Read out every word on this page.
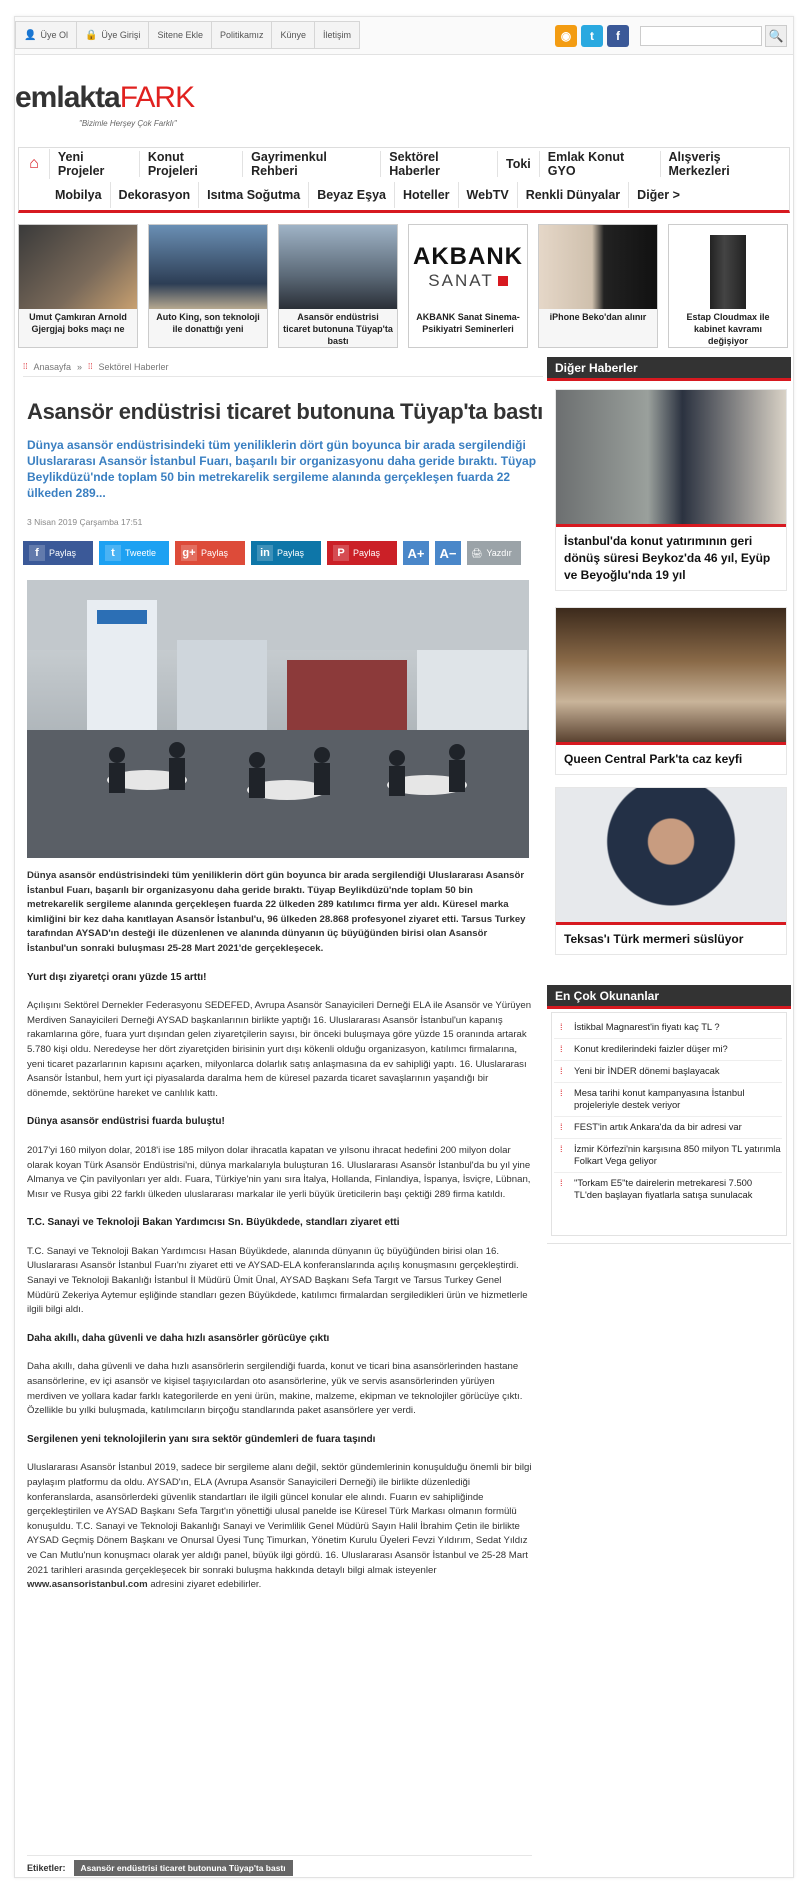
👤 Üye Ol 🔒 Üye Girişi Sitene Ekle Politikamız Künye İletişim	◉	t	f	🔍
emlaktaFARK
"Bizimle Herşey Çok Farklı"
⌂	Yeni Projeler
Konut Projeleri
Gayrimenkul Rehberi
Sektörel Haberler	Toki	Emlak Konut GYO
Alışveriş Merkezleri
Mobilya	Dekorasyon	Isıtma Soğutma	Beyaz Eşya	Hoteller	WebTV	Renkli Dünyalar	Diğer >
Umut Çamkıran Arnold Gjergjaj boks maçı ne
Auto King, son teknoloji ile donattığı yeni
Asansör endüstrisi ticaret butonuna Tüyap'ta bastı
AKBANK
SANAT
AKBANK Sanat Sinema-Psikiyatri Seminerleri
iPhone Beko'dan alınır	Estap Cloudmax ile kabinet kavramı değişiyor
⁞⁞ Anasayfa » ⁞⁞ Sektörel Haberler
Asansör endüstrisi ticaret butonuna Tüyap'ta bastı
Dünya asansör endüstrisindeki tüm yeniliklerin dört gün boyunca bir arada sergilendiği Uluslararası Asansör İstanbul Fuarı, başarılı bir organizasyonu daha geride bıraktı. Tüyap Beylikdüzü'nde toplam 50 bin metrekarelik sergileme alanında gerçekleşen fuarda 22 ülkeden 289...
3 Nisan 2019 Çarşamba 17:51
f	Paylaş	t	Tweetle g+ Paylaş	in Paylaş	P Paylaş	A+	A−	🖨 Yazdır

Dünya asansör endüstrisindeki tüm yeniliklerin dört gün boyunca bir arada sergilendiği Uluslararası Asansör İstanbul Fuarı, başarılı bir organizasyonu daha geride bıraktı. Tüyap Beylikdüzü'nde toplam 50 bin metrekarelik sergileme alanında gerçekleşen fuarda 22 ülkeden 289 katılımcı firma yer aldı. Küresel marka kimliğini bir kez daha kanıtlayan Asansör İstanbul'u, 96 ülkeden 28.868 profesyonel ziyaret etti. Tarsus Turkey tarafından AYSAD'ın desteği ile düzenlenen ve alanında dünyanın üç büyüğünden birisi olan Asansör İstanbul'un sonraki buluşması 25-28 Mart 2021'de gerçekleşecek.

Yurt dışı ziyaretçi oranı yüzde 15 arttı!

Açılışını Sektörel Dernekler Federasyonu SEDEFED, Avrupa Asansör Sanayicileri Derneği ELA ile Asansör ve Yürüyen Merdiven Sanayicileri Derneği AYSAD başkanlarının birlikte yaptığı 16. Uluslararası Asansör İstanbul'un kapanış rakamlarına göre, fuara yurt dışından gelen ziyaretçilerin sayısı, bir önceki buluşmaya göre yüzde 15 oranında artarak 5.780 kişi oldu. Neredeyse her dört ziyaretçiden birisinin yurt dışı kökenli olduğu organizasyon, katılımcı firmalarına, yeni ticaret pazarlarının kapısını açarken, milyonlarca dolarlık satış anlaşmasına da ev sahipliği yaptı. 16. Uluslararası Asansör İstanbul, hem yurt içi piyasalarda daralma hem de küresel pazarda ticaret savaşlarının yaşandığı bir dönemde, sektörüne hareket ve canlılık kattı.

Dünya asansör endüstrisi fuarda buluştu!

2017'yi 160 milyon dolar, 2018'i ise 185 milyon dolar ihracatla kapatan ve yılsonu ihracat hedefini 200 milyon dolar olarak koyan Türk Asansör Endüstrisi'ni, dünya markalarıyla buluşturan 16. Uluslararası Asansör İstanbul'da bu yıl yine Almanya ve Çin pavilyonları yer aldı. Fuara, Türkiye'nin yanı sıra İtalya, Hollanda, Finlandiya, İspanya, İsviçre, Lübnan, Mısır ve Rusya gibi 22 farklı ülkeden uluslararası markalar ile yerli büyük üreticilerin başı çektiği 289 firma katıldı.

T.C. Sanayi ve Teknoloji Bakan Yardımcısı Sn. Büyükdede, standları ziyaret etti

T.C. Sanayi ve Teknoloji Bakan Yardımcısı Hasan Büyükdede, alanında dünyanın üç büyüğünden birisi olan 16. Uluslararası Asansör İstanbul Fuarı'nı ziyaret etti ve AYSAD-ELA konferanslarında açılış konuşmasını gerçekleştirdi. Sanayi ve Teknoloji Bakanlığı İstanbul İl Müdürü Ümit Ünal, AYSAD Başkanı Sefa Targıt ve Tarsus Turkey Genel Müdürü Zekeriya Aytemur eşliğinde standları gezen Büyükdede, katılımcı firmalardan sergiledikleri ürün ve hizmetlerle ilgili bilgi aldı.

Daha akıllı, daha güvenli ve daha hızlı asansörler görücüye çıktı

Daha akıllı, daha güvenli ve daha hızlı asansörlerin sergilendiği fuarda, konut ve ticari bina asansörlerinden hastane asansörlerine, ev içi asansör ve kişisel taşıyıcılardan oto asansörlerine, yük ve servis asansörlerinden yürüyen merdiven ve yollara kadar farklı kategorilerde en yeni ürün, makine, malzeme, ekipman ve teknolojiler görücüye çıktı. Özellikle bu yılki buluşmada, katılımcıların birçoğu standlarında paket asansörlere yer verdi.

Sergilenen yeni teknolojilerin yanı sıra sektör gündemleri de fuara taşındı

Uluslararası Asansör İstanbul 2019, sadece bir sergileme alanı değil, sektör gündemlerinin konuşulduğu önemli bir bilgi paylaşım platformu da oldu. AYSAD'ın, ELA (Avrupa Asansör Sanayicileri Derneği) ile birlikte düzenlediği konferanslarda, asansörlerdeki güvenlik standartları ile ilgili güncel konular ele alındı. Fuarın ev sahipliğinde gerçekleştirilen ve AYSAD Başkanı Sefa Targıt'ın yönettiği ulusal panelde ise Küresel Türk Markası olmanın formülü konuşuldu. T.C. Sanayi ve Teknoloji Bakanlığı Sanayi ve Verimlilik Genel Müdürü Sayın Halil İbrahim Çetin ile birlikte AYSAD Geçmiş Dönem Başkanı ve Onursal Üyesi Tunç Timurkan, Yönetim Kurulu Üyeleri Fevzi Yıldırım, Sedat Yıldız ve Can Mutlu'nun konuşmacı olarak yer aldığı panel, büyük ilgi gördü. 16. Uluslararası Asansör İstanbul ve 25-28 Mart 2021 tarihleri arasında gerçekleşecek bir sonraki buluşma hakkında detaylı bilgi almak isteyenler www.asansoristanbul.com adresini ziyaret edebilirler.

Etiketler:	Asansör endüstrisi ticaret butonuna Tüyap'ta bastı
Diğer Haberler
İstanbul'da konut yatırımının geri dönüş süresi Beykoz'da 46 yıl, Eyüp ve Beyoğlu'nda 19 yıl
Queen Central Park'ta caz keyfi
Teksas'ı Türk mermeri süslüyor
En Çok Okunanlar
⁞ İstikbal Magnarest'in fiyatı kaç TL ?
⁞ Konut kredilerindeki faizler düşer mi?
⁞ Yeni bir İNDER dönemi başlayacak
⁞ Mesa tarihi konut kampanyasına İstanbul projeleriyle destek veriyor
⁞ FEST'in artık Ankara'da da bir adresi var
⁞ İzmir Körfezi'nin karşısına 850 milyon TL yatırımla Folkart Vega geliyor
⁞ "Torkam E5"te dairelerin metrekaresi 7.500 TL'den başlayan fiyatlarla satışa sunulacak
